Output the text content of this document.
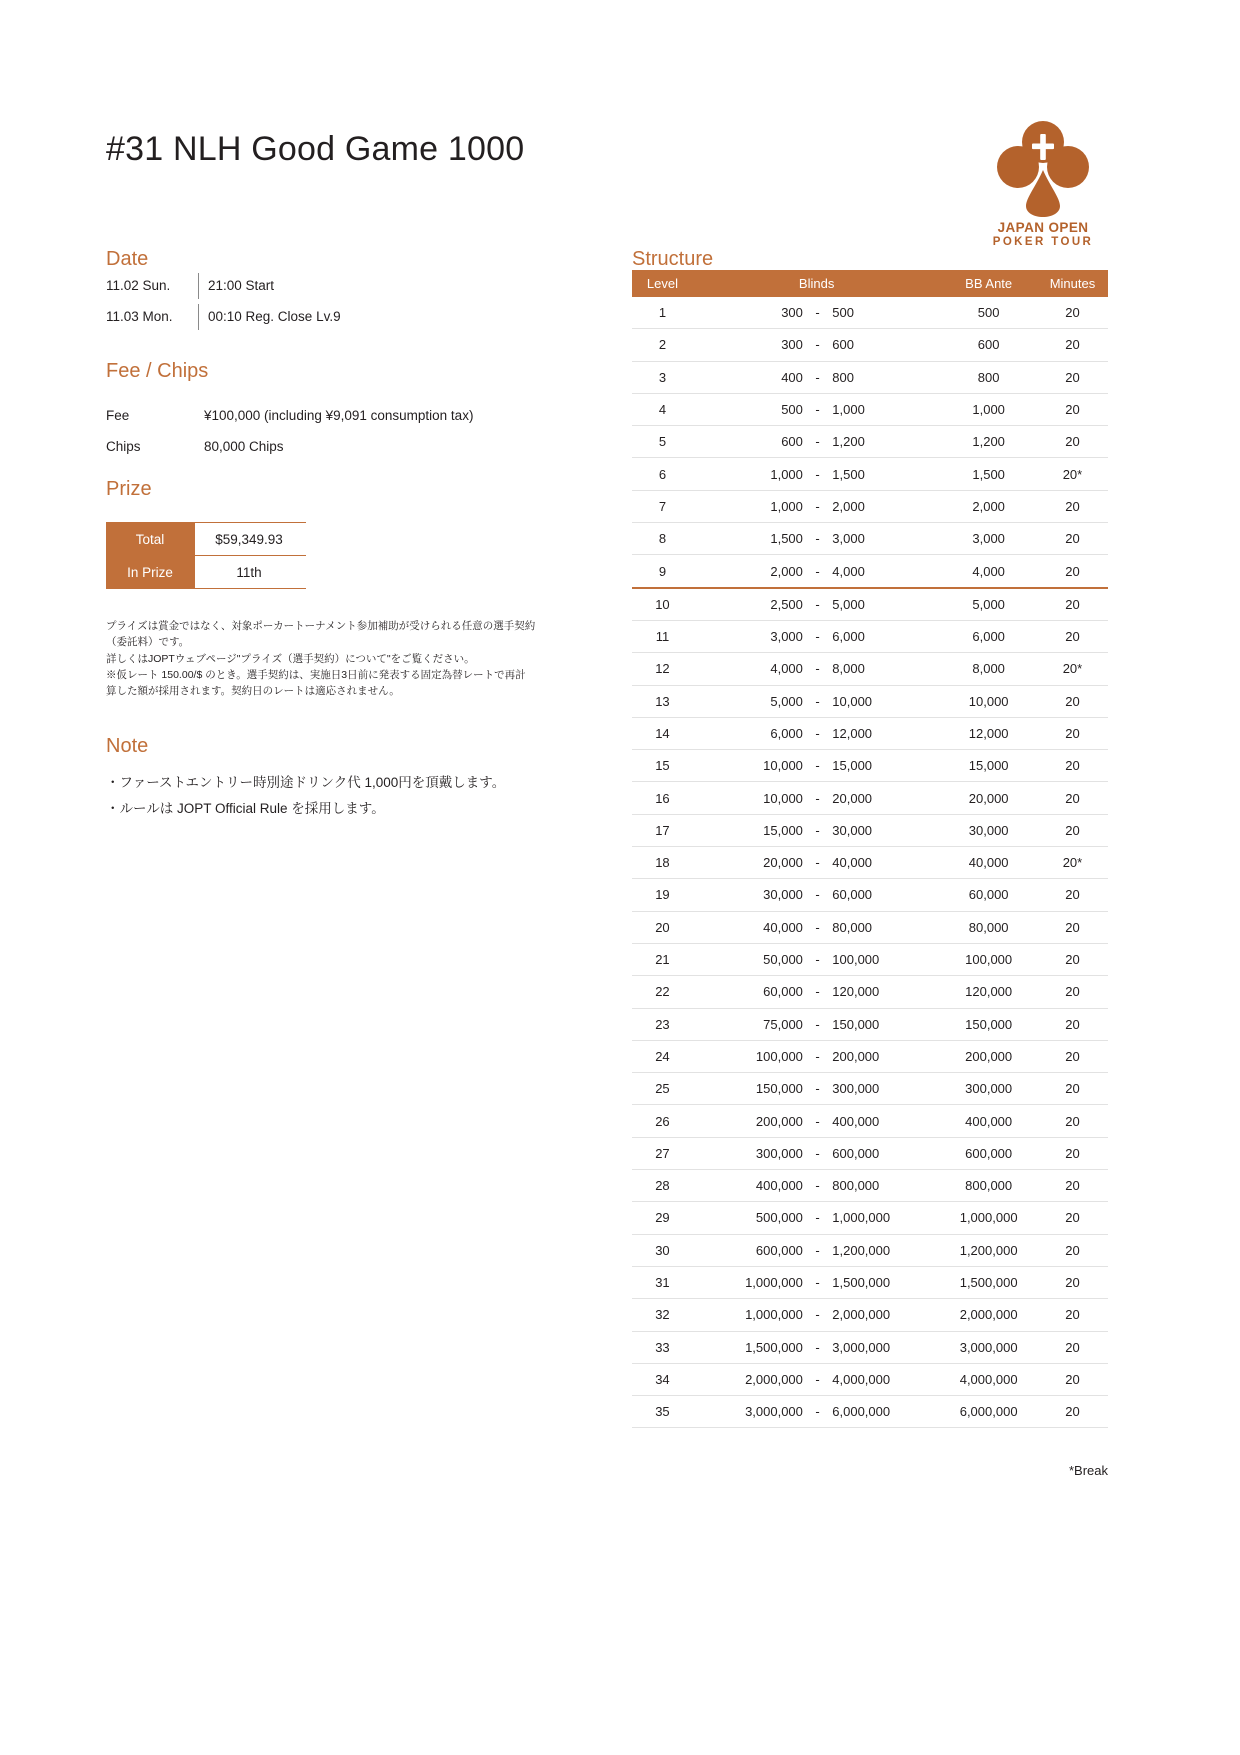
#31 NLH Good Game 1000
JAPAN OPEN
POKER TOUR
Date
11.02 Sun.	21:00 Start
11.03 Mon.	00:10 Reg. Close Lv.9
Fee / Chips
Fee	¥100,000 (including ¥9,091 consumption tax)
Chips	80,000 Chips
Prize
Total	$59,349.93
In Prize	11th
プライズは賞金ではなく、対象ポーカートーナメント参加補助が受けられる任意の選手契約
（委託料）です。
詳しくはJOPTウェブページ"プライズ（選手契約）について"をご覧ください。
※仮レート 150.00/$ のとき。選手契約は、実施日3日前に発表する固定為替レートで再計
算した額が採用されます。契約日のレートは適応されません。
Note
・ファーストエントリー時別途ドリンク代 1,000円を頂戴します。
・ルールは JOPT Official Rule を採用します。
Structure
Level	Blinds			BB Ante	Minutes
1	300	-	500	500	20
2	300	-	600	600	20
3	400	-	800	800	20
4	500	-	1,000	1,000	20
5	600	-	1,200	1,200	20
6	1,000	-	1,500	1,500	20*
7	1,000	-	2,000	2,000	20
8	1,500	-	3,000	3,000	20
9	2,000	-	4,000	4,000	20
10	2,500	-	5,000	5,000	20
11	3,000	-	6,000	6,000	20
12	4,000	-	8,000	8,000	20*
13	5,000	-	10,000	10,000	20
14	6,000	-	12,000	12,000	20
15	10,000	-	15,000	15,000	20
16	10,000	-	20,000	20,000	20
17	15,000	-	30,000	30,000	20
18	20,000	-	40,000	40,000	20*
19	30,000	-	60,000	60,000	20
20	40,000	-	80,000	80,000	20
21	50,000	-	100,000	100,000	20
22	60,000	-	120,000	120,000	20
23	75,000	-	150,000	150,000	20
24	100,000	-	200,000	200,000	20
25	150,000	-	300,000	300,000	20
26	200,000	-	400,000	400,000	20
27	300,000	-	600,000	600,000	20
28	400,000	-	800,000	800,000	20
29	500,000	-	1,000,000	1,000,000	20
30	600,000	-	1,200,000	1,200,000	20
31	1,000,000	-	1,500,000	1,500,000	20
32	1,000,000	-	2,000,000	2,000,000	20
33	1,500,000	-	3,000,000	3,000,000	20
34	2,000,000	-	4,000,000	4,000,000	20
35	3,000,000	-	6,000,000	6,000,000	20
*Break
